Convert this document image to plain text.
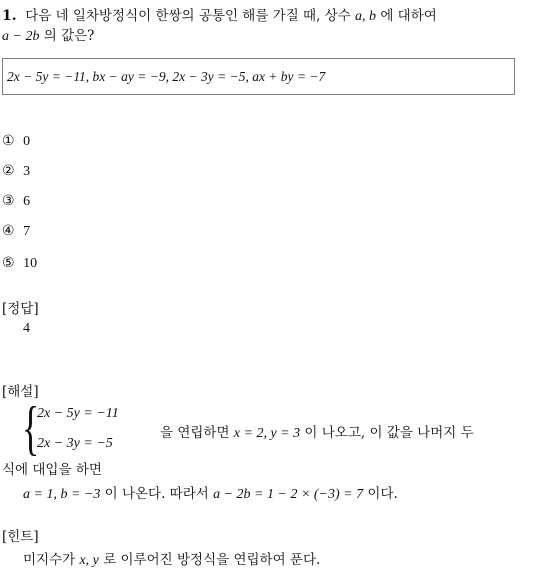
1. 다음 네 일차방정식이 한쌍의 공통인 해를 가질 때, 상수 a, b 에 대하여
a − 2b 의 값은?
2x − 5y = −11, bx − ay = −9, 2x − 3y = −5, ax + by = −7
① 0
② 3
③ 6
④ 7
⑤ 10
[정답]
4
[해설]
{
2x − 5y = −11
2x − 3y = −5
을 연립하면 x = 2, y = 3 이 나오고, 이 값을 나머지 두
식에 대입을 하면
a = 1, b = −3 이 나온다. 따라서 a − 2b = 1 − 2 × (−3) = 7 이다.
[힌트]
미지수가 x, y 로 이루어진 방정식을 연립하여 푼다.
